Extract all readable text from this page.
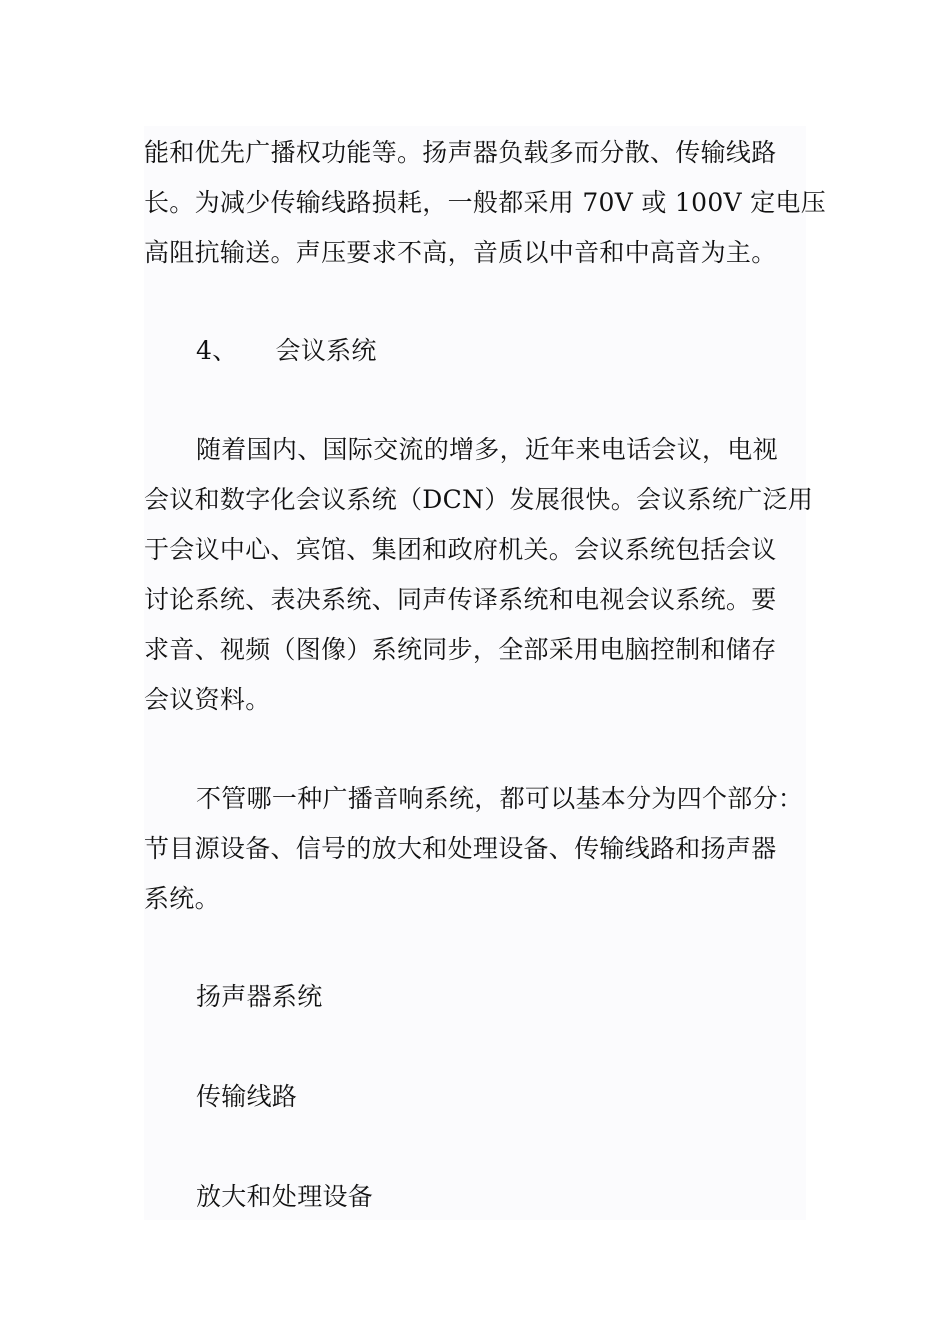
能和优先广播权功能等。扬声器负载多而分散、传输线路
长。为减少传输线路损耗，一般都采用 70V 或 100V 定电压
高阻抗输送。声压要求不高，音质以中音和中高音为主。
4、 会议系统
随着国内、国际交流的增多，近年来电话会议，电视
会议和数字化会议系统（DCN）发展很快。会议系统广泛用
于会议中心、宾馆、集团和政府机关。会议系统包括会议
讨论系统、表决系统、同声传译系统和电视会议系统。要
求音、视频（图像）系统同步，全部采用电脑控制和储存
会议资料。
不管哪一种广播音响系统，都可以基本分为四个部分：
节目源设备、信号的放大和处理设备、传输线路和扬声器
系统。
扬声器系统
传输线路
放大和处理设备
